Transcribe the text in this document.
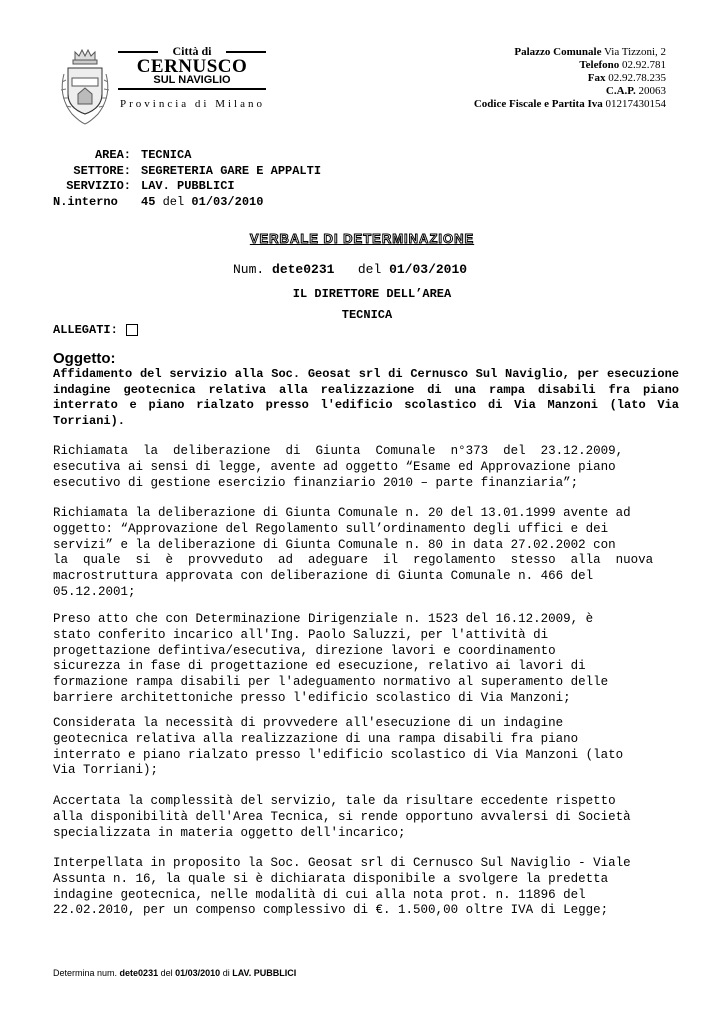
Città di
CERNUSCO
SUL NAVIGLIO
Provincia di Milano
Palazzo Comunale Via Tizzoni, 2
Telefono 02.92.781
Fax 02.92.78.235
C.A.P. 20063
Codice Fiscale e Partita Iva 01217430154
AREA: TECNICA
SETTORE: SEGRETERIA GARE E APPALTI
SERVIZIO: LAV. PUBBLICI
N.interno	45 del 01/03/2010
VERBALE DI DETERMINAZIONE
Num. dete0231 del 01/03/2010
IL DIRETTORE DELL’AREA
TECNICA
ALLEGATI:
Oggetto:
Affidamento del servizio alla Soc. Geosat srl di Cernusco Sul Naviglio, per esecuzione indagine geotecnica relativa alla realizzazione di una rampa disabili fra piano interrato e piano rialzato presso l'edificio scolastico di Via Manzoni (lato Via Torriani).
Richiamata  la  deliberazione  di  Giunta  Comunale  n°373  del  23.12.2009,
esecutiva ai sensi di legge, avente ad oggetto “Esame ed Approvazione piano
esecutivo di gestione esercizio finanziario 2010 – parte finanziaria”;
Richiamata la deliberazione di Giunta Comunale n. 20 del 13.01.1999 avente ad
oggetto: “Approvazione del Regolamento sull’ordinamento degli uffici e dei
servizi” e la deliberazione di Giunta Comunale n. 80 in data 27.02.2002 con
la  quale  si  è  provveduto  ad  adeguare  il  regolamento  stesso  alla  nuova
macrostruttura approvata con deliberazione di Giunta Comunale n. 466 del
05.12.2001;
Preso atto che con Determinazione Dirigenziale n. 1523 del 16.12.2009, è
stato conferito incarico all'Ing. Paolo Saluzzi, per l'attività di
progettazione defintiva/esecutiva, direzione lavori e coordinamento
sicurezza in fase di progettazione ed esecuzione, relativo ai lavori di
formazione rampa disabili per l'adeguamento normativo al superamento delle
barriere architettoniche presso l'edificio scolastico di Via Manzoni;
Considerata la necessità di provvedere all'esecuzione di un indagine
geotecnica relativa alla realizzazione di una rampa disabili fra piano
interrato e piano rialzato presso l'edificio scolastico di Via Manzoni (lato
Via Torriani);
Accertata la complessità del servizio, tale da risultare eccedente rispetto
alla disponibilità dell'Area Tecnica, si rende opportuno avvalersi di Società
specializzata in materia oggetto dell'incarico;
Interpellata in proposito la Soc. Geosat srl di Cernusco Sul Naviglio - Viale
Assunta n. 16, la quale si è dichiarata disponibile a svolgere la predetta
indagine geotecnica, nelle modalità di cui alla nota prot. n. 11896 del
22.02.2010, per un compenso complessivo di €. 1.500,00 oltre IVA di Legge;
Determina num. dete0231 del 01/03/2010 di LAV. PUBBLICI
